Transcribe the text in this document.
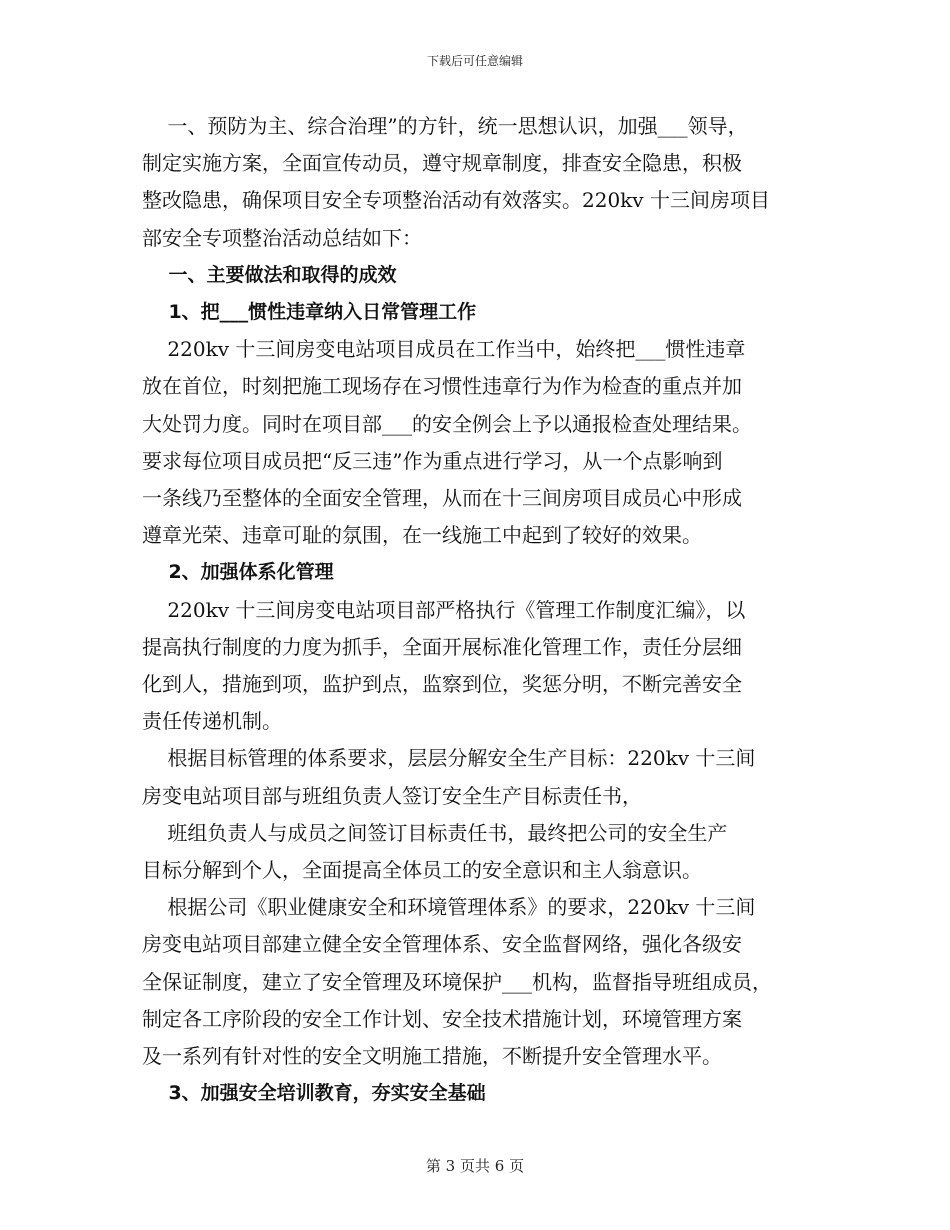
下载后可任意编辑
一、预防为主、综合治理”的方针，统一思想认识，加强___领导，
制定实施方案，全面宣传动员，遵守规章制度，排查安全隐患，积极
整改隐患，确保项目安全专项整治活动有效落实。220kv 十三间房项目
部安全专项整治活动总结如下：
一、主要做法和取得的成效
1、把___惯性违章纳入日常管理工作
220kv 十三间房变电站项目成员在工作当中，始终把___惯性违章
放在首位，时刻把施工现场存在习惯性违章行为作为检查的重点并加
大处罚力度。同时在项目部___的安全例会上予以通报检查处理结果。
要求每位项目成员把“反三违”作为重点进行学习，从一个点影响到
一条线乃至整体的全面安全管理，从而在十三间房项目成员心中形成
遵章光荣、违章可耻的氛围，在一线施工中起到了较好的效果。
2、加强体系化管理
220kv 十三间房变电站项目部严格执行《管理工作制度汇编》，以
提高执行制度的力度为抓手，全面开展标准化管理工作，责任分层细
化到人，措施到项，监护到点，监察到位，奖惩分明，不断完善安全
责任传递机制。
根据目标管理的体系要求，层层分解安全生产目标：220kv 十三间
房变电站项目部与班组负责人签订安全生产目标责任书，
班组负责人与成员之间签订目标责任书，最终把公司的安全生产
目标分解到个人，全面提高全体员工的安全意识和主人翁意识。
根据公司《职业健康安全和环境管理体系》的要求，220kv 十三间
房变电站项目部建立健全安全管理体系、安全监督网络，强化各级安
全保证制度，建立了安全管理及环境保护___机构，监督指导班组成员，
制定各工序阶段的安全工作计划、安全技术措施计划，环境管理方案
及一系列有针对性的安全文明施工措施，不断提升安全管理水平。
3、加强安全培训教育，夯实安全基础
第 3 页共 6 页
